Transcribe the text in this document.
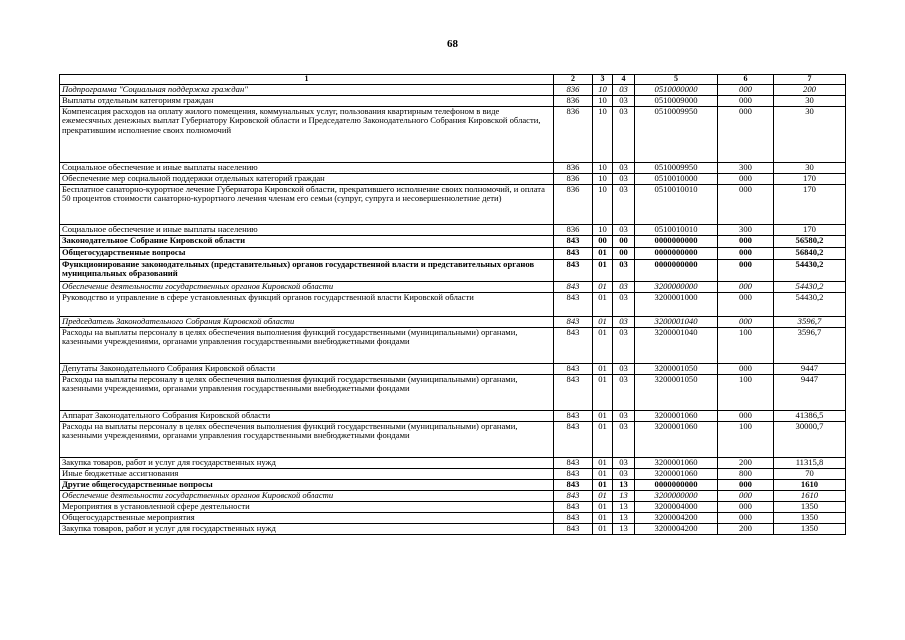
68
1	2	3	4	5	6	7
Подпрограмма "Социальная поддержка граждан"	836	10	03	0510000000	000	200
Выплаты отдельным категориям граждан	836	10	03	0510009000	000	30
Компенсация расходов на оплату жилого помещения, коммунальных услуг, пользования квартирным телефоном в виде ежемесячных денежных выплат Губернатору Кировской области и Председателю Законодательного Собрания Кировской области, прекратившим исполнение своих полномочий	836	10	03	0510009950	000	30
Социальное обеспечение и иные выплаты населению	836	10	03	0510009950	300	30
Обеспечение мер социальной поддержки отдельных категорий граждан	836	10	03	0510010000	000	170
Бесплатное санаторно-курортное лечение Губернатора Кировской области, прекратившего исполнение своих полномочий, и оплата 50 процентов стоимости санаторно-курортного лечения членам его семьи (супруг, супруга и несовершеннолетние дети)	836	10	03	0510010010	000	170
Социальное обеспечение и иные выплаты населению	836	10	03	0510010010	300	170
Законодательное Собрание Кировской области	843	00	00	0000000000	000	56580,2
Общегосударственные вопросы	843	01	00	0000000000	000	56840,2
Функционирование законодательных (представительных) органов государственной власти и представительных органов муниципальных образований	843	01	03	0000000000	000	54430,2
Обеспечение деятельности государственных органов Кировской области	843	01	03	3200000000	000	54430,2
Руководство и управление в сфере установленных функций органов государственной власти Кировской области	843	01	03	3200001000	000	54430,2
Председатель Законодательного Собрания Кировской области	843	01	03	3200001040	000	3596,7
Расходы на выплаты персоналу в целях обеспечения выполнения функций государственными (муниципальными) органами, казенными учреждениями, органами управления государственными внебюджетными фондами	843	01	03	3200001040	100	3596,7
Депутаты Законодательного Собрания Кировской области	843	01	03	3200001050	000	9447
Расходы на выплаты персоналу в целях обеспечения выполнения функций государственными (муниципальными) органами, казенными учреждениями, органами управления государственными внебюджетными фондами	843	01	03	3200001050	100	9447
Аппарат Законодательного Собрания Кировской области	843	01	03	3200001060	000	41386,5
Расходы на выплаты персоналу в целях обеспечения выполнения функций государственными (муниципальными) органами, казенными учреждениями, органами управления государственными внебюджетными фондами	843	01	03	3200001060	100	30000,7
Закупка товаров, работ и услуг для государственных нужд	843	01	03	3200001060	200	11315,8
Иные бюджетные ассигнования	843	01	03	3200001060	800	70
Другие общегосударственные вопросы	843	01	13	0000000000	000	1610
Обеспечение деятельности государственных органов Кировской области	843	01	13	3200000000	000	1610
Мероприятия в установленной сфере деятельности	843	01	13	3200004000	000	1350
Общегосударственные мероприятия	843	01	13	3200004200	000	1350
Закупка товаров, работ и услуг для государственных нужд	843	01	13	3200004200	200	1350
